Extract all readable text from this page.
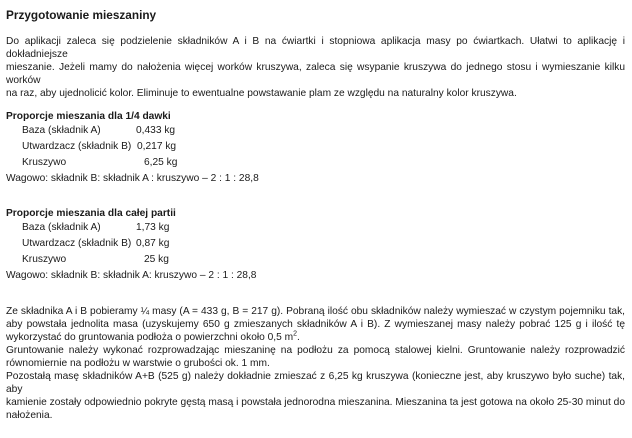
Przygotowanie mieszaniny
Do aplikacji zaleca się podzielenie składników A i B na ćwiartki i stopniowa aplikacja masy po ćwiartkach. Ułatwi to aplikację i dokładniejsze
mieszanie. Jeżeli mamy do nałożenia więcej worków kruszywa, zaleca się wsypanie kruszywa do jednego stosu i wymieszanie kilku worków
na raz, aby ujednolicić kolor. Eliminuje to ewentualne powstawanie plam ze względu na naturalny kolor kruszywa.
Proporcje mieszania dla 1/4 dawki
Baza (składnik A)	0,433 kg
Utwardzacz (składnik B) 0,217 kg
Kruszywo	6,25 kg
Wagowo: składnik B: składnik A : kruszywo – 2 : 1 : 28,8
Proporcje mieszania dla całej partii
Baza (składnik A)	1,73 kg
Utwardzacz (składnik B) 0,87 kg
Kruszywo	25 kg
Wagowo: składnik B: składnik A: kruszywo – 2 : 1 : 28,8
Ze składnika A i B pobieramy ¼ masy (A = 433 g, B = 217 g). Pobraną ilość obu składników należy wymieszać w czystym pojemniku tak,
aby powstała jednolita masa (uzyskujemy 650 g zmieszanych składników A i B). Z wymieszanej masy należy pobrać 125 g i ilość tę
wykorzystać do gruntowania podłoża o powierzchni około 0,5 $m^2$.
Gruntowanie należy wykonać rozprowadzając mieszaninę na podłożu za pomocą stalowej kielni. Gruntowanie należy rozprowadzić
równomiernie na podłożu w warstwie o grubości ok. 1 mm.
Pozostałą masę składników A+B (525 g) należy dokładnie zmieszać z 6,25 kg kruszywa (konieczne jest, aby kruszywo było suche) tak, aby
kamienie zostały odpowiednio pokryte gęstą masą i powstała jednorodna mieszanina. Mieszanina ta jest gotowa na około 25-30 minut do
nałożenia.
